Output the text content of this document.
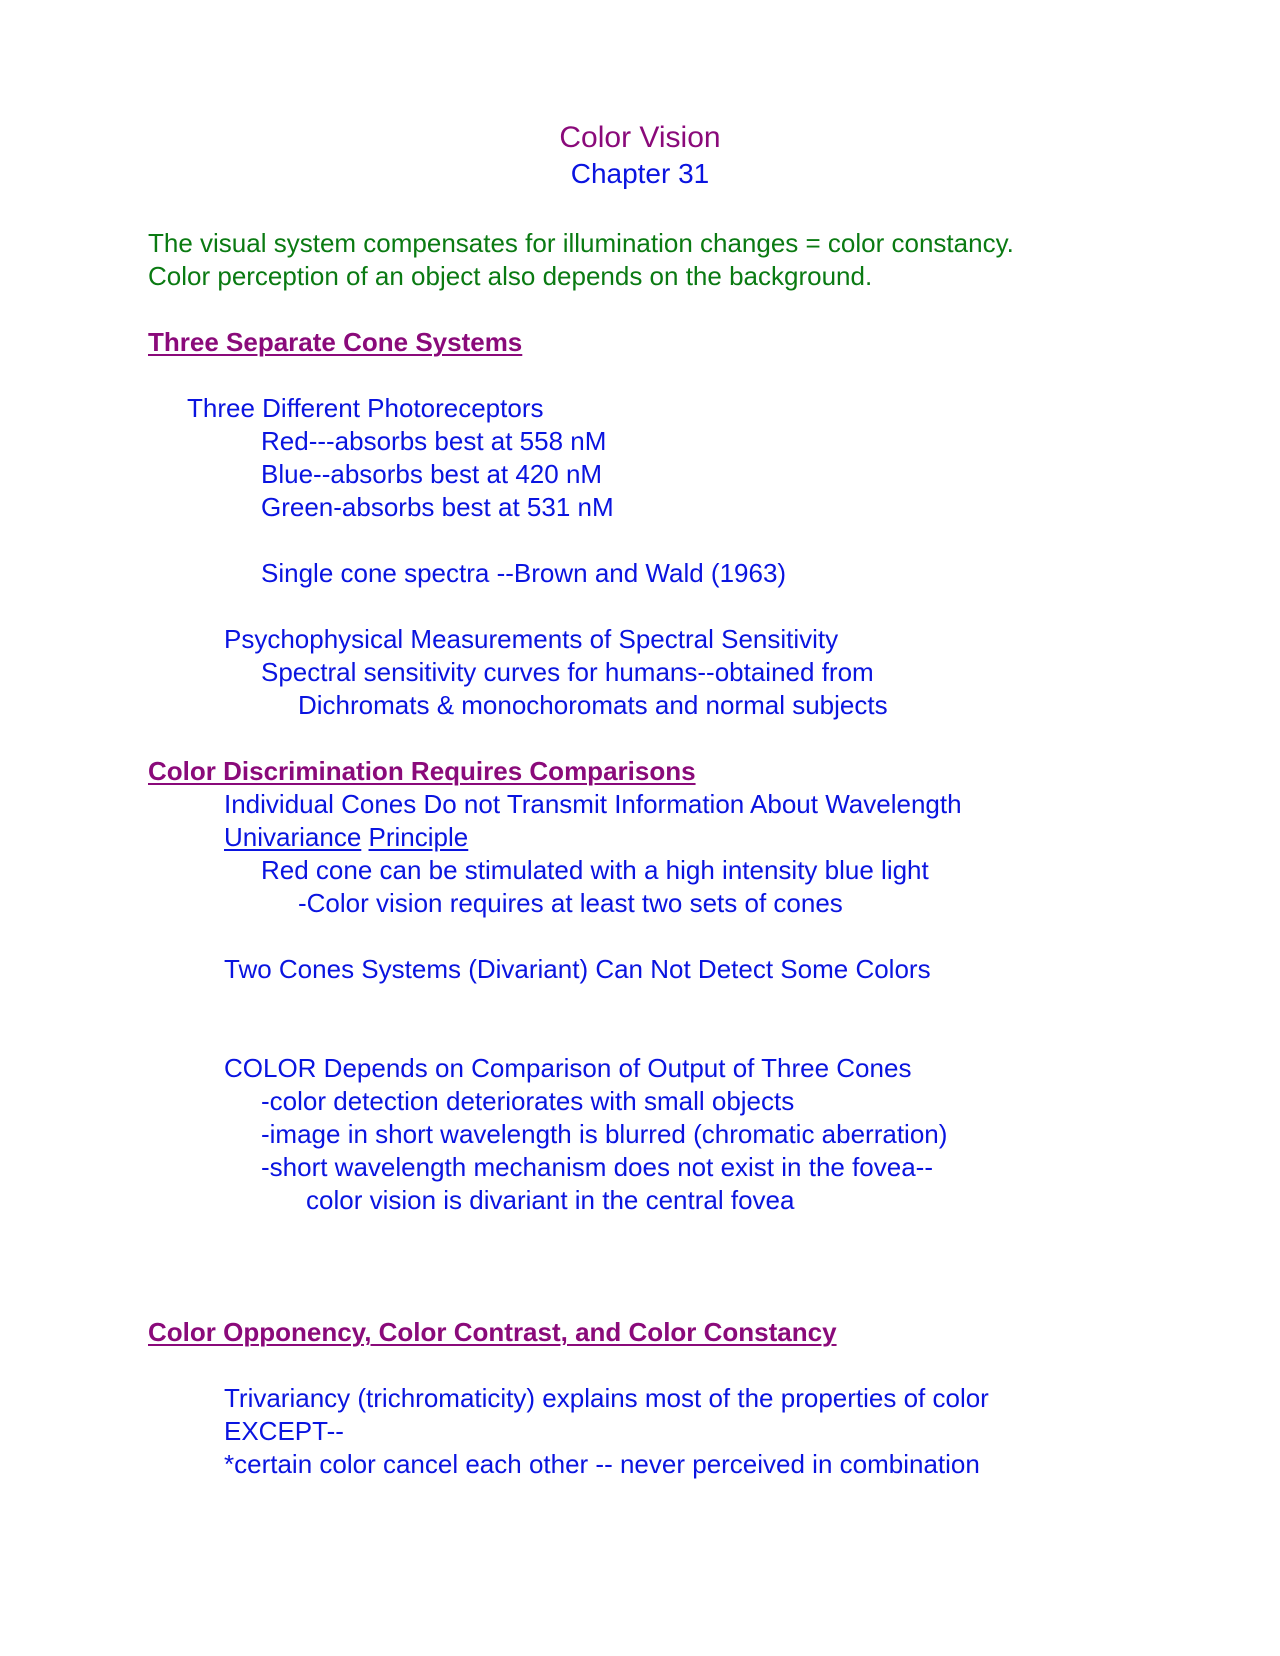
Color Vision
Chapter 31
The visual system compensates for illumination changes = color constancy.
Color perception of an object also depends on the background.
Three Separate Cone Systems
Three Different Photoreceptors
Red---absorbs best at 558 nM
Blue--absorbs best at 420 nM
Green-absorbs best at 531 nM
Single cone spectra --Brown and Wald (1963)
Psychophysical Measurements of Spectral Sensitivity
Spectral sensitivity curves for humans--obtained from
Dichromats & monochoromats and normal subjects
Color Discrimination Requires Comparisons
Individual Cones Do not Transmit Information About Wavelength
Univariance Principle
Red cone can be stimulated with a high intensity blue light
-Color vision requires at least two sets of cones
Two Cones Systems (Divariant) Can Not Detect Some Colors
COLOR Depends on Comparison of Output of Three Cones
-color detection deteriorates with small objects
-image in short wavelength is blurred (chromatic aberration)
-short wavelength mechanism does not exist in the fovea--
color vision is divariant in the central fovea
Color Opponency, Color Contrast, and Color Constancy
Trivariancy (trichromaticity) explains most of the properties of color
EXCEPT--
*certain color cancel each other -- never perceived in combination
